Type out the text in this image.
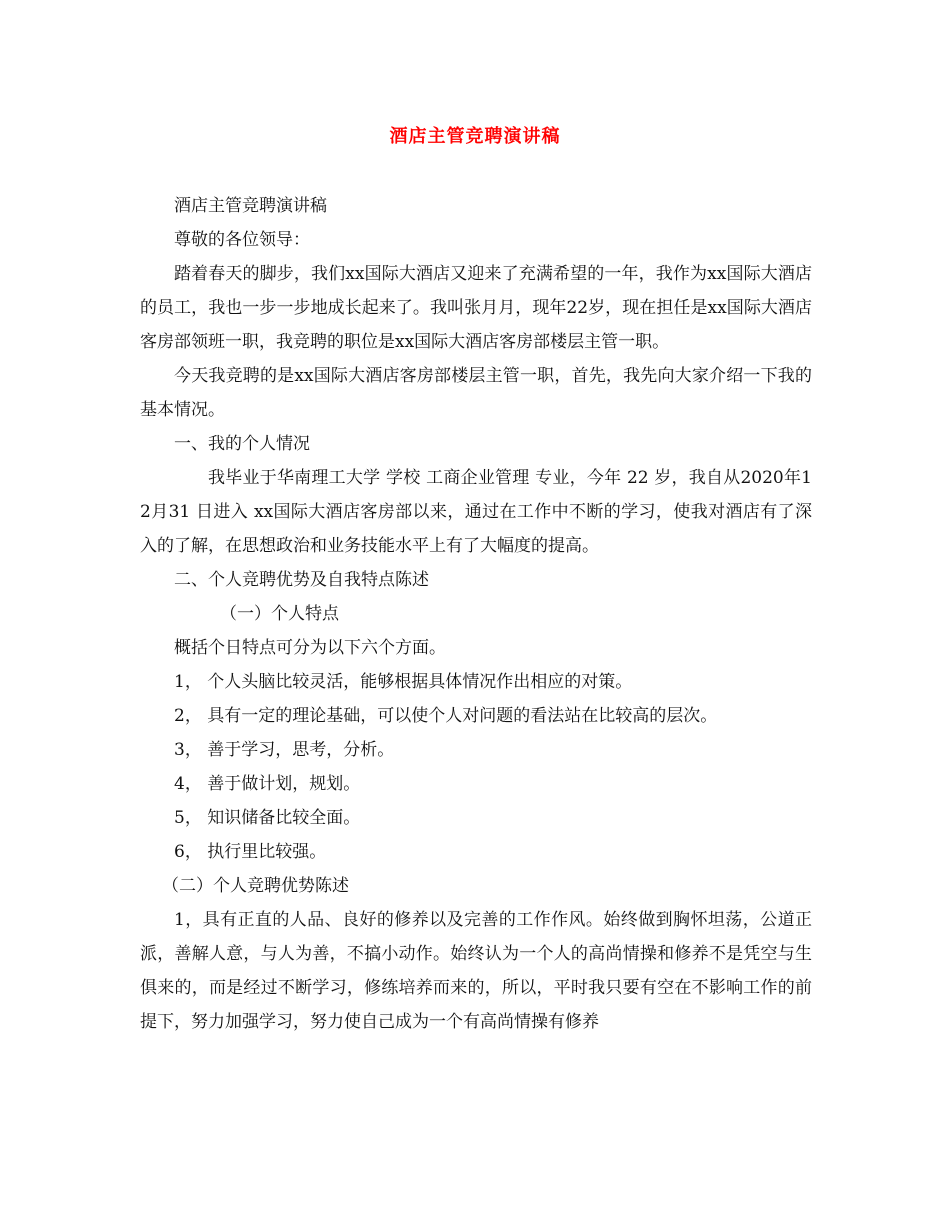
酒店主管竞聘演讲稿

酒店主管竞聘演讲稿

尊敬的各位领导：

踏着春天的脚步，我们xx国际大酒店又迎来了充满希望的一年，我作为xx国际大酒店的员工，我也一步一步地成长起来了。我叫张月月，现年22岁，现在担任是xx国际大酒店客房部领班一职，我竞聘的职位是xx国际大酒店客房部楼层主管一职。

今天我竞聘的是xx国际大酒店客房部楼层主管一职，首先，我先向大家介绍一下我的基本情况。

一、我的个人情况

我毕业于华南理工大学 学校 工商企业管理 专业，今年 22 岁，我自从2020年12月31 日进入 xx国际大酒店客房部以来，通过在工作中不断的学习，使我对酒店有了深入的了解，在思想政治和业务技能水平上有了大幅度的提高。

二、个人竞聘优势及自我特点陈述

（一）个人特点

概括个日特点可分为以下六个方面。

1， 个人头脑比较灵活，能够根据具体情况作出相应的对策。

2， 具有一定的理论基础，可以使个人对问题的看法站在比较高的层次。

3， 善于学习，思考，分析。

4， 善于做计划，规划。

5， 知识储备比较全面。

6， 执行里比较强。

（二）个人竞聘优势陈述

1，具有正直的人品、良好的修养以及完善的工作作风。始终做到胸怀坦荡，公道正派，善解人意，与人为善，不搞小动作。始终认为一个人的高尚情操和修养不是凭空与生俱来的，而是经过不断学习，修练培养而来的，所以，平时我只要有空在不影响工作的前提下，努力加强学习，努力使自己成为一个有高尚情操有修养
